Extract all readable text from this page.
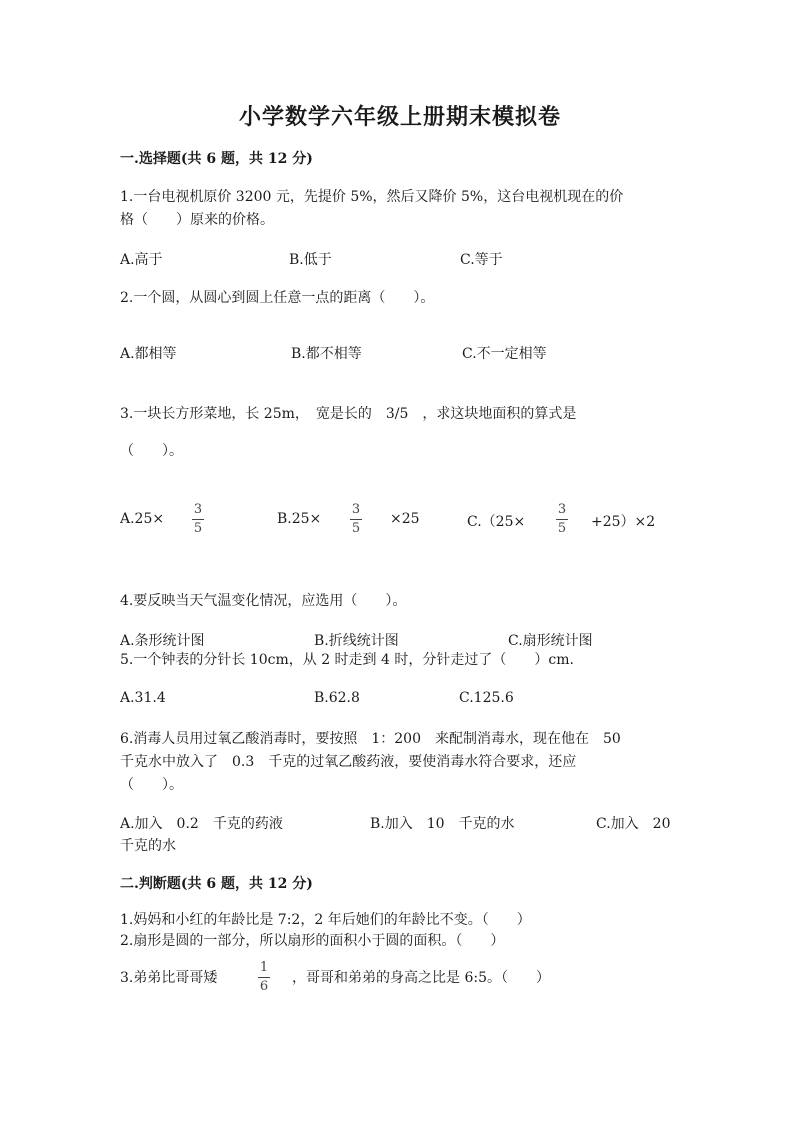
小学数学六年级上册期末模拟卷
一.选择题(共 6 题，共 12 分)
1.一台电视机原价 3200 元，先提价 5%，然后又降价 5%，这台电视机现在的价
格（　　）原来的价格。
A.高于	B.低于	C.等于
2.一个圆，从圆心到圆上任意一点的距离（　　）。
A.都相等	B.都不相等	C.不一定相等
3.一块长方形菜地，长 25m，　宽是长的　3/5　，求这块地面积的算式是
（　　）。
A.25×
3
5
B.25×
3
5
×25	C.（25×
3
5 +25）×2
4.要反映当天气温变化情况，应选用（　　）。
A.条形统计图	B.折线统计图	C.扇形统计图
5.一个钟表的分针长 10cm，从 2 时走到 4 时，分针走过了（　　）cm.
A.31.4	B.62.8	C.125.6
6.消毒人员用过氧乙酸消毒时，要按照　1：200　来配制消毒水，现在他在　50
千克水中放入了　0.3　千克的过氧乙酸药液，要使消毒水符合要求，还应
（　　）。
A.加入　0.2　千克的药液	B.加入　10　千克的水	C.加入　20
千克的水
二.判断题(共 6 题，共 12 分)
1.妈妈和小红的年龄比是 7:2，2 年后她们的年龄比不变。（　　）
2.扇形是圆的一部分，所以扇形的面积小于圆的面积。（　　）
3.弟弟比哥哥矮
1
6
，哥哥和弟弟的身高之比是 6:5。（　　）
